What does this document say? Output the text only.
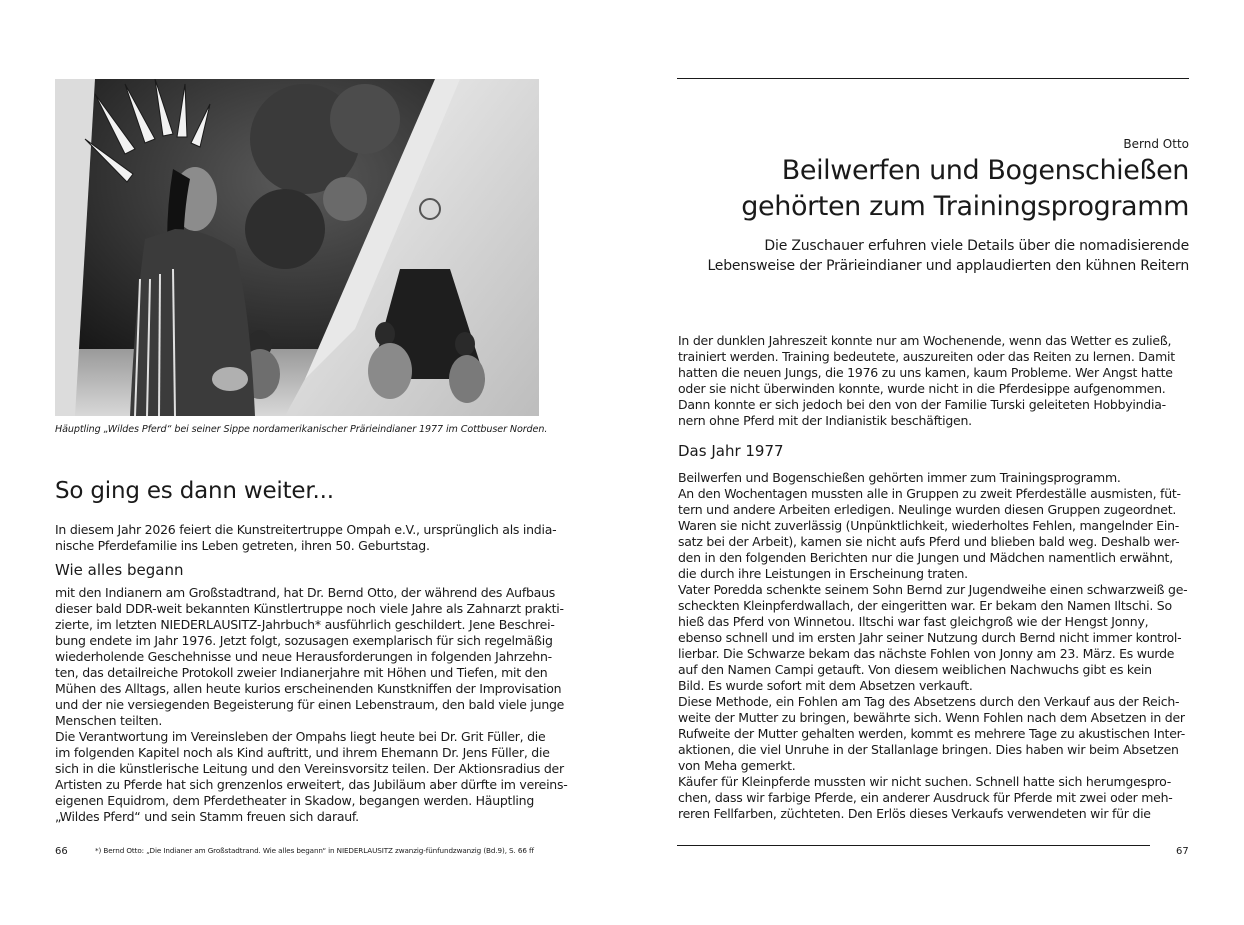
Häuptling „Wildes Pferd“ bei seiner Sippe nordamerikanischer Prärieindianer 1977 im Cottbuser Norden.
So ging es dann weiter...
In diesem Jahr 2026 feiert die Kunstreitertruppe Ompah e.V., ursprünglich als india-
nische Pferdefamilie ins Leben getreten, ihren 50. Geburtstag.
Wie alles begann
mit den Indianern am Großstadtrand, hat Dr. Bernd Otto, der während des Aufbaus
dieser bald DDR-weit bekannten Künstlertruppe noch viele Jahre als Zahnarzt prakti-
zierte, im letzten NIEDERLAUSITZ-Jahrbuch* ausführlich geschildert. Jene Beschrei-
bung endete im Jahr 1976. Jetzt folgt, sozusagen exemplarisch für sich regelmäßig
wiederholende Geschehnisse und neue Herausforderungen in folgenden Jahrzehn-
ten, das detailreiche Protokoll zweier Indianerjahre mit Höhen und Tiefen, mit den
Mühen des Alltags, allen heute kurios erscheinenden Kunstkniffen der Improvisation
und der nie versiegenden Begeisterung für einen Lebenstraum, den bald viele junge
Menschen teilten.
Die Verantwortung im Vereinsleben der Ompahs liegt heute bei Dr. Grit Füller, die
im folgenden Kapitel noch als Kind auftritt, und ihrem Ehemann Dr. Jens Füller, die
sich in die künstlerische Leitung und den Vereinsvorsitz teilen. Der Aktionsradius der
Artisten zu Pferde hat sich grenzenlos erweitert, das Jubiläum aber dürfte im vereins-
eigenen Equidrom, dem Pferdetheater in Skadow, begangen werden. Häuptling
„Wildes Pferd“ und sein Stamm freuen sich darauf.
66	*) Bernd Otto: „Die Indianer am Großstadtrand. Wie alles begann“ in NIEDERLAUSITZ zwanzig-fünfundzwanzig (Bd.9), S. 66 ff
Bernd Otto
Beilwerfen und Bogenschießen
gehörten zum Trainingsprogramm
Die Zuschauer erfuhren viele Details über die nomadisierende
Lebensweise der Prärieindianer und applaudierten den kühnen Reitern
In der dunklen Jahreszeit konnte nur am Wochenende, wenn das Wetter es zuließ,
trainiert werden. Training bedeutete, auszureiten oder das Reiten zu lernen. Damit
hatten die neuen Jungs, die 1976 zu uns kamen, kaum Probleme. Wer Angst hatte
oder sie nicht überwinden konnte, wurde nicht in die Pferdesippe aufgenommen.
Dann konnte er sich jedoch bei den von der Familie Turski geleiteten Hobbyindia-
nern ohne Pferd mit der Indianistik beschäftigen.
Das Jahr 1977
Beilwerfen und Bogenschießen gehörten immer zum Trainingsprogramm.
An den Wochentagen mussten alle in Gruppen zu zweit Pferdeställe ausmisten, füt-
tern und andere Arbeiten erledigen. Neulinge wurden diesen Gruppen zugeordnet.
Waren sie nicht zuverlässig (Unpünktlichkeit, wiederholtes Fehlen, mangelnder Ein-
satz bei der Arbeit), kamen sie nicht aufs Pferd und blieben bald weg. Deshalb wer-
den in den folgenden Berichten nur die Jungen und Mädchen namentlich erwähnt,
die durch ihre Leistungen in Erscheinung traten.
Vater Poredda schenkte seinem Sohn Bernd zur Jugendweihe einen schwarzweiß ge-
scheckten Kleinpferdwallach, der eingeritten war. Er bekam den Namen Iltschi. So
hieß das Pferd von Winnetou. Iltschi war fast gleichgroß wie der Hengst Jonny,
ebenso schnell und im ersten Jahr seiner Nutzung durch Bernd nicht immer kontrol-
lierbar. Die Schwarze bekam das nächste Fohlen von Jonny am 23. März. Es wurde
auf den Namen Campi getauft. Von diesem weiblichen Nachwuchs gibt es kein
Bild. Es wurde sofort mit dem Absetzen verkauft.
Diese Methode, ein Fohlen am Tag des Absetzens durch den Verkauf aus der Reich-
weite der Mutter zu bringen, bewährte sich. Wenn Fohlen nach dem Absetzen in der
Rufweite der Mutter gehalten werden, kommt es mehrere Tage zu akustischen Inter-
aktionen, die viel Unruhe in der Stallanlage bringen. Dies haben wir beim Absetzen
von Meha gemerkt.
Käufer für Kleinpferde mussten wir nicht suchen. Schnell hatte sich herumgespro-
chen, dass wir farbige Pferde, ein anderer Ausdruck für Pferde mit zwei oder meh-
reren Fellfarben, züchteten. Den Erlös dieses Verkaufs verwendeten wir für die
67
